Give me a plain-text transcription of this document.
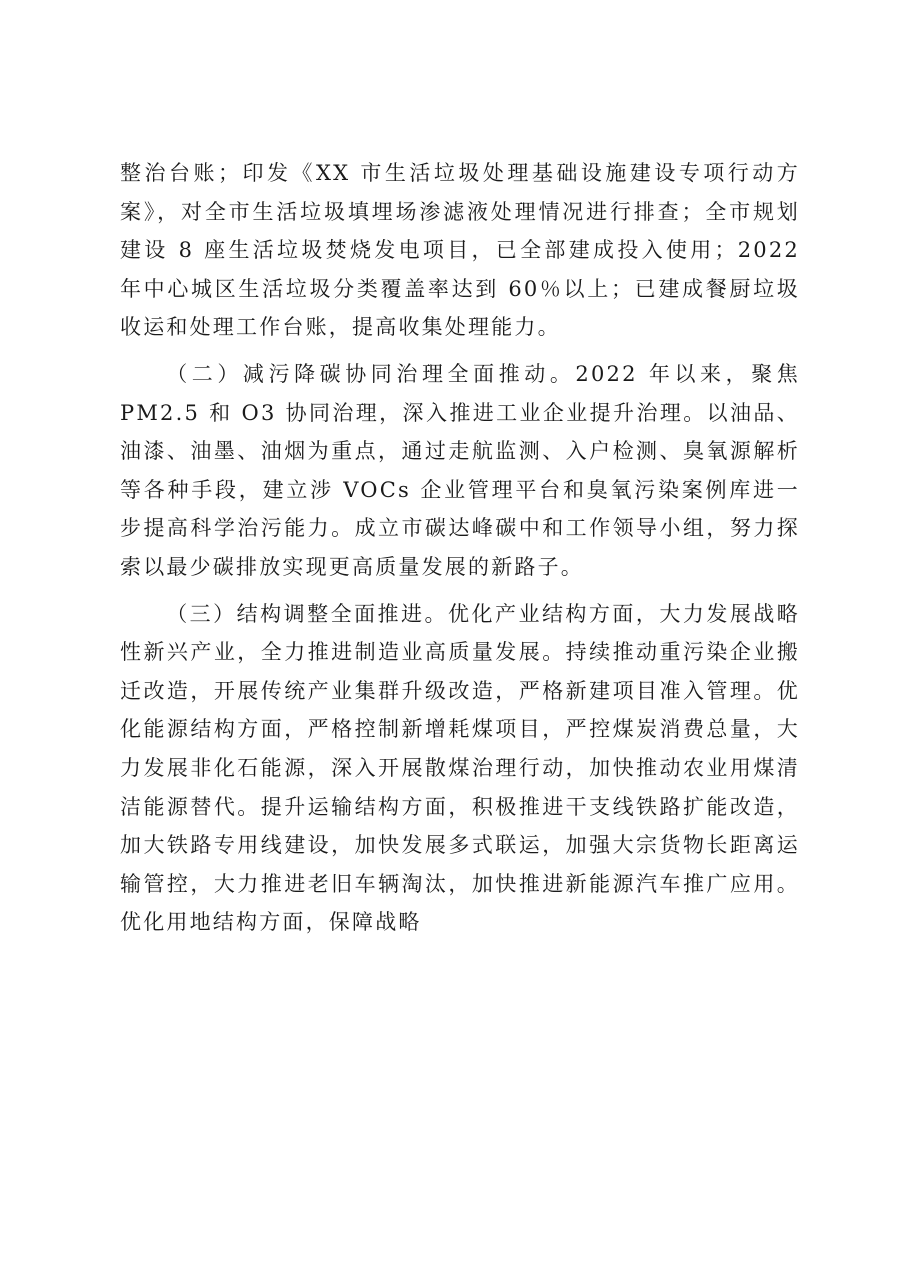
整治台账；印发《XX 市生活垃圾处理基础设施建设专项行动方案》，对全市生活垃圾填埋场渗滤液处理情况进行排查；全市规划建设 8 座生活垃圾焚烧发电项目，已全部建成投入使用；2022 年中心城区生活垃圾分类覆盖率达到 60％以上；已建成餐厨垃圾收运和处理工作台账，提高收集处理能力。

（二）减污降碳协同治理全面推动。2022 年以来，聚焦 PM2.5 和 O3 协同治理，深入推进工业企业提升治理。以油品、油漆、油墨、油烟为重点，通过走航监测、入户检测、臭氧源解析等各种手段，建立涉 VOCs 企业管理平台和臭氧污染案例库进一步提高科学治污能力。成立市碳达峰碳中和工作领导小组，努力探索以最少碳排放实现更高质量发展的新路子。

（三）结构调整全面推进。优化产业结构方面，大力发展战略性新兴产业，全力推进制造业高质量发展。持续推动重污染企业搬迁改造，开展传统产业集群升级改造，严格新建项目准入管理。优化能源结构方面，严格控制新增耗煤项目，严控煤炭消费总量，大力发展非化石能源，深入开展散煤治理行动，加快推动农业用煤清洁能源替代。提升运输结构方面，积极推进干支线铁路扩能改造，加大铁路专用线建设，加快发展多式联运，加强大宗货物长距离运输管控，大力推进老旧车辆淘汰，加快推进新能源汽车推广应用。优化用地结构方面，保障战略
